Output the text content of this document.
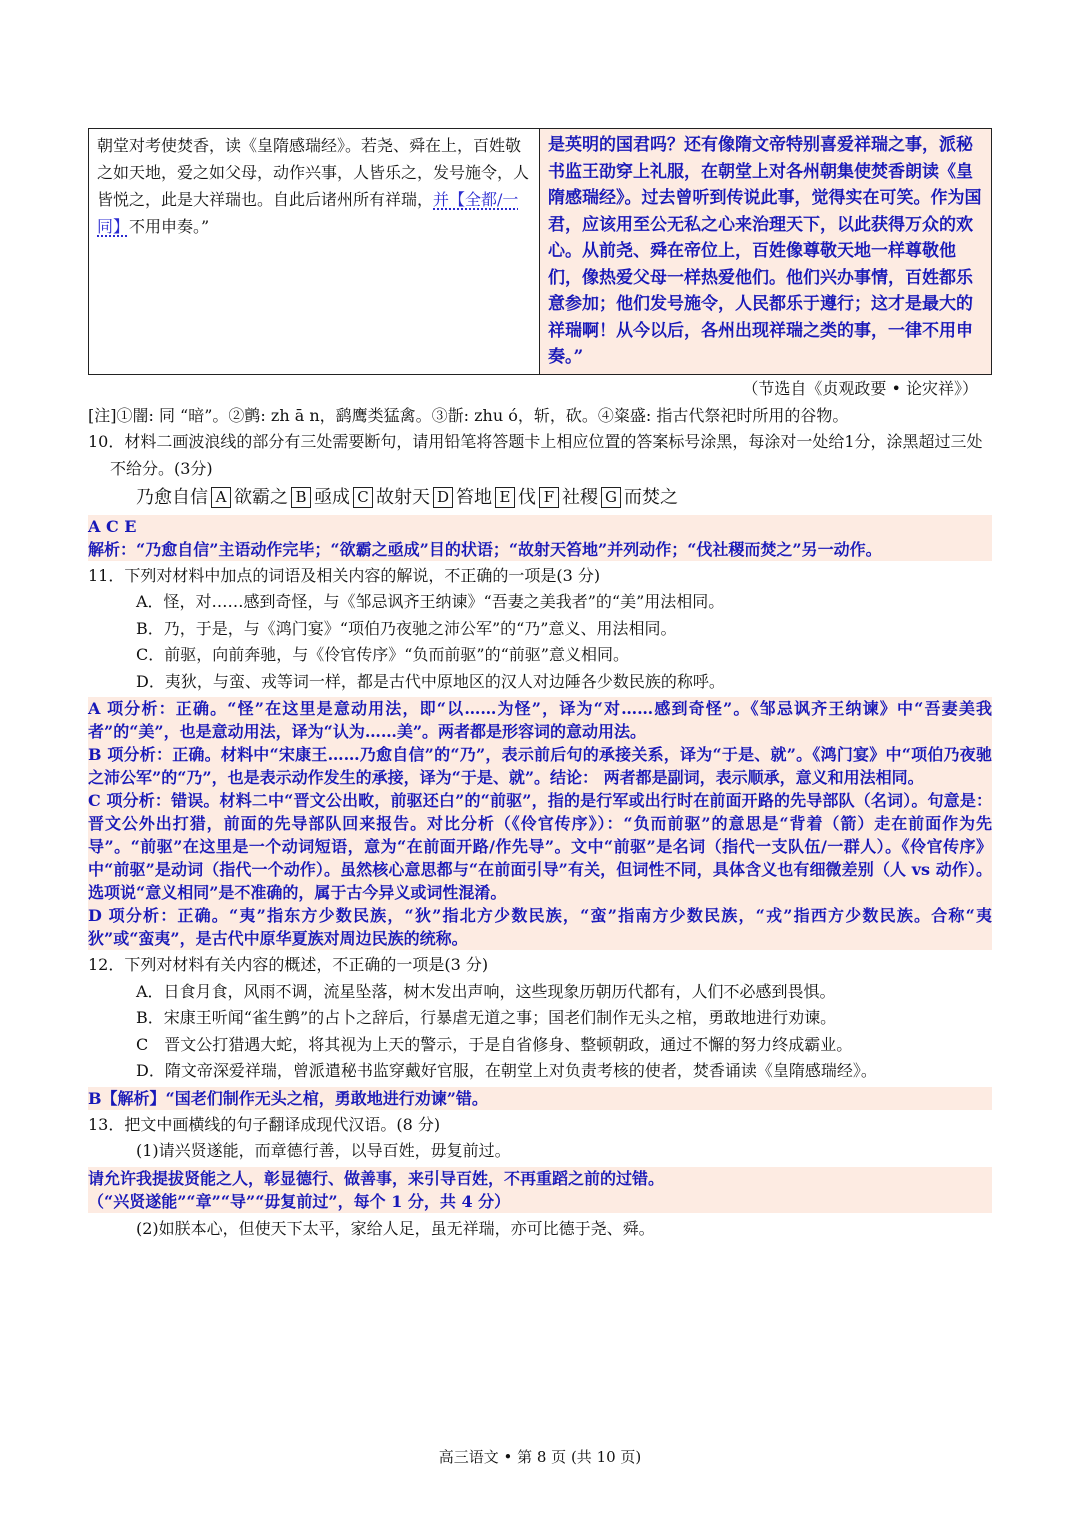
朝堂对考使焚香，读《皇隋感瑞经》。若尧、舜在上，百姓敬之如天地，爱之如父母，动作兴事，人皆乐之，发号施令，人皆悦之，此是大祥瑞也。自此后诸州所有祥瑞，并【全都/一同】不用申奏。”	是英明的国君吗？还有像隋文帝特别喜爱祥瑞之事，派秘书监王劭穿上礼服，在朝堂上对各州朝集使焚香朗读《皇隋感瑞经》。过去曾听到传说此事，觉得实在可笑。作为国君，应该用至公无私之心来治理天下，以此获得万众的欢心。从前尧、舜在帝位上，百姓像尊敬天地一样尊敬他们，像热爱父母一样热爱他们。他们兴办事情，百姓都乐意参加；他们发号施令，人民都乐于遵行；这才是最大的祥瑞啊！从今以后，各州出现祥瑞之类的事，一律不用申奏。”
（节选自《贞观政要 • 论灾祥》）

[注]①闇: 同 “暗”。②鹯: zh ā n，鹞鹰类猛禽。③斮: zhu ó，斩，砍。④粢盛: 指古代祭祀时所用的谷物。

10．材料二画波浪线的部分有三处需要断句，请用铅笔将答题卡上相应位置的答案标号涂黑，每涂对一处给1分，涂黑超过三处不给分。(3分)

乃愈自信 A 欲霸之 B 亟成 C 故射天 D 笞地 E 伐 F 社稷 G 而焚之

A C E

解析：“乃愈自信”主语动作完毕；“欲霸之亟成”目的状语；“故射天笞地”并列动作；“伐社稷而焚之”另一动作。

11．下列对材料中加点的词语及相关内容的解说，不正确的一项是(3 分)

A．怪，对……感到奇怪，与《邹忌讽齐王纳谏》“吾妻之美我者”的“美”用法相同。

B．乃，于是，与《鸿门宴》“项伯乃夜驰之沛公军”的“乃”意义、用法相同。

C．前驱，向前奔驰，与《伶官传序》“负而前驱”的“前驱”意义相同。

D．夷狄，与蛮、戎等词一样，都是古代中原地区的汉人对边陲各少数民族的称呼。

A 项分析：正确。“怪”在这里是意动用法，即“以……为怪”，译为“对……感到奇怪”。《邹忌讽齐王纳谏》中“吾妻美我者”的“美”，也是意动用法，译为“认为……美”。两者都是形容词的意动用法。

B 项分析：正确。材料中“宋康王……乃愈自信”的“乃”，表示前后句的承接关系，译为“于是、就”。《鸿门宴》中“项伯乃夜驰之沛公军”的“乃”，也是表示动作发生的承接，译为“于是、就”。结论： 两者都是副词，表示顺承，意义和用法相同。

C 项分析：错误。材料二中“晋文公出畋，前驱还白”的“前驱”，指的是行军或出行时在前面开路的先导部队（名词）。句意是：晋文公外出打猎，前面的先导部队回来报告。对比分析（《伶官传序》）：“负而前驱”的意思是“背着（箭）走在前面作为先导”。“前驱”在这里是一个动词短语，意为“在前面开路/作先导”。文中“前驱”是名词（指代一支队伍/一群人）。《伶官传序》中“前驱”是动词（指代一个动作）。虽然核心意思都与“在前面引导”有关，但词性不同，具体含义也有细微差别（人 vs 动作）。选项说“意义相同”是不准确的，属于古今异义或词性混淆。

D 项分析：正确。“夷”指东方少数民族，“狄”指北方少数民族，“蛮”指南方少数民族，“戎”指西方少数民族。合称“夷狄”或“蛮夷”，是古代中原华夏族对周边民族的统称。

12．下列对材料有关内容的概述，不正确的一项是(3 分)

A．日食月食，风雨不调，流星坠落，树木发出声响，这些现象历朝历代都有，人们不必感到畏惧。

B．宋康王听闻“雀生鹯”的占卜之辞后，行暴虐无道之事；国老们制作无头之棺，勇敢地进行劝谏。

C　晋文公打猎遇大蛇，将其视为上天的警示，于是自省修身、整顿朝政，通过不懈的努力终成霸业。

D．隋文帝深爱祥瑞，曾派遣秘书监穿戴好官服，在朝堂上对负责考核的使者，焚香诵读《皇隋感瑞经》。

B【解析】“国老们制作无头之棺，勇敢地进行劝谏”错。

13．把文中画横线的句子翻译成现代汉语。(8 分)

(1)请兴贤遂能，而章德行善，以导百姓，毋复前过。

请允许我提拔贤能之人，彰显德行、做善事，来引导百姓，不再重蹈之前的过错。

（“兴贤遂能”“章”“导”“毋复前过”，每个 1 分，共 4 分）

(2)如朕本心，但使天下太平，家给人足，虽无祥瑞，亦可比德于尧、舜。

高三语文 • 第 8 页 (共 10 页)
